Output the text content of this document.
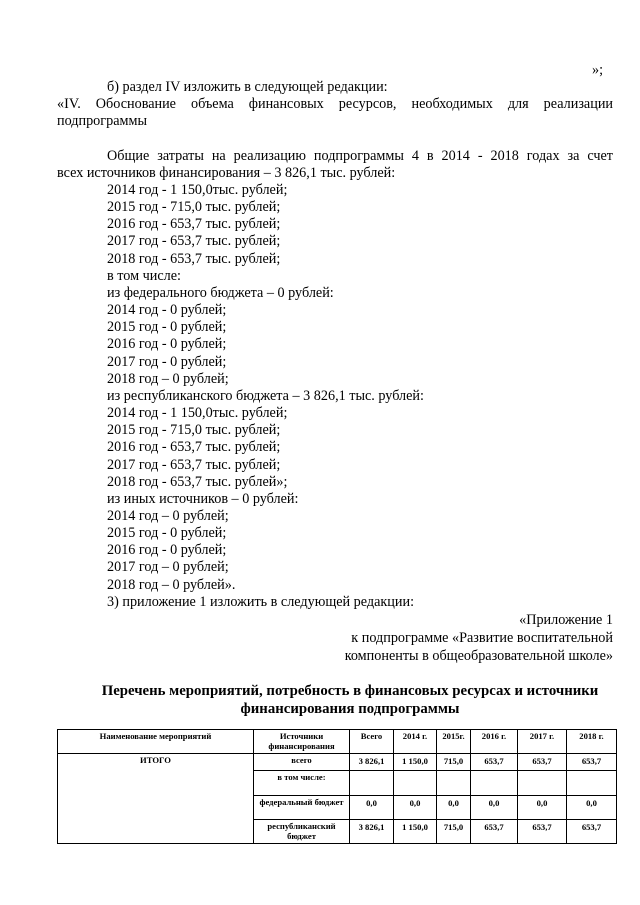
»;
б) раздел IV изложить в следующей редакции:
«IV. Обоснование объема финансовых ресурсов, необходимых для реализации
подпрограммы
Общие затраты на реализацию подпрограммы 4 в 2014 - 2018 годах за счет
всех источников финансирования – 3 826,1 тыс. рублей:
2014 год - 1 150,0тыс. рублей;
2015 год - 715,0 тыс. рублей;
2016 год - 653,7 тыс. рублей;
2017 год - 653,7 тыс. рублей;
2018 год - 653,7 тыс. рублей;
в том числе:
из федерального бюджета – 0 рублей:
2014 год - 0 рублей;
2015 год - 0 рублей;
2016 год - 0 рублей;
2017 год - 0 рублей;
2018 год – 0 рублей;
из республиканского бюджета – 3 826,1 тыс. рублей:
2014 год - 1 150,0тыс. рублей;
2015 год - 715,0 тыс. рублей;
2016 год - 653,7 тыс. рублей;
2017 год - 653,7 тыс. рублей;
2018 год - 653,7 тыс. рублей»;
из иных источников – 0 рублей:
2014 год – 0 рублей;
2015 год - 0 рублей;
2016 год - 0 рублей;
2017 год – 0 рублей;
2018 год – 0 рублей».
3) приложение 1 изложить в следующей редакции:
«Приложение 1
к подпрограмме «Развитие воспитательной
компоненты в общеобразовательной школе»
Перечень мероприятий, потребность в финансовых ресурсах и источники
финансирования подпрограммы
Наименование мероприятий	Источники финансирования	Всего	2014 г.	2015г.	2016 г.	2017 г.	2018 г.
ИТОГО	всего	3 826,1	1 150,0	715,0	653,7	653,7	653,7
	в том числе:						
	федеральный бюджет	0,0	0,0	0,0	0,0	0,0	0,0
	республиканский бюджет	3 826,1	1 150,0	715,0	653,7	653,7	653,7
